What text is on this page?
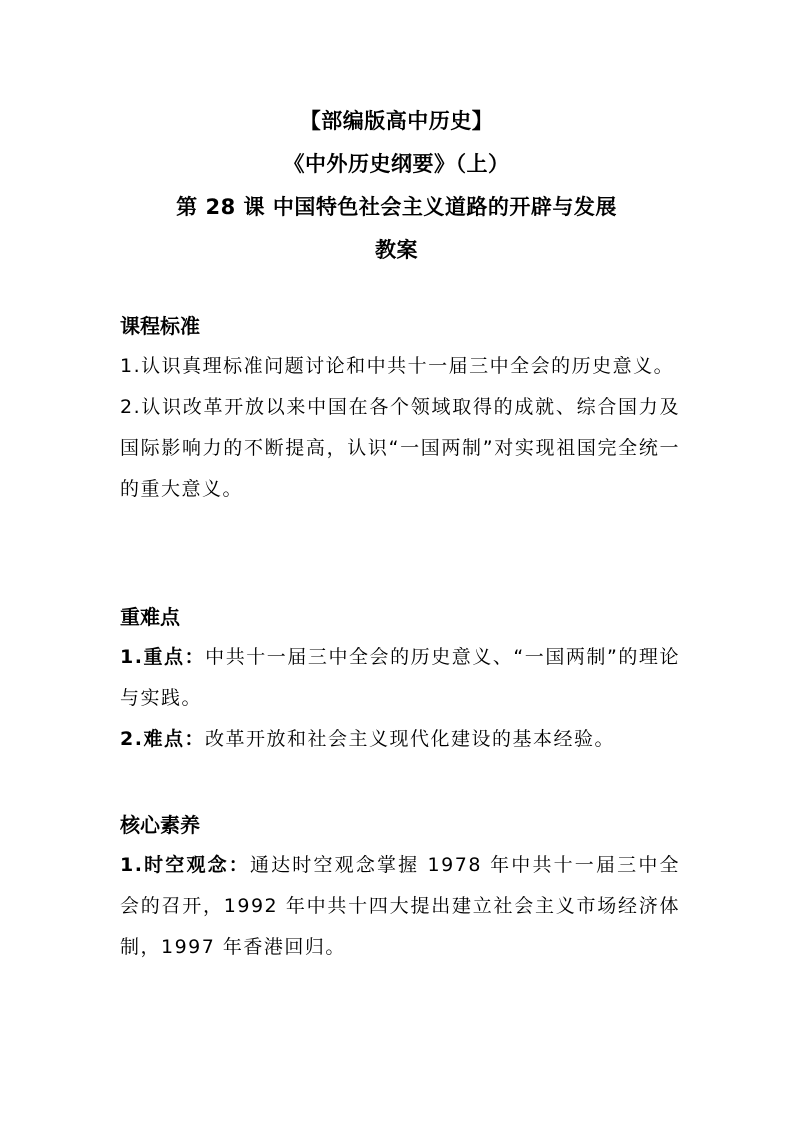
【部编版高中历史】
《中外历史纲要》（上）
第 28 课 中国特色社会主义道路的开辟与发展
教案
课程标准
1.认识真理标准问题讨论和中共十一届三中全会的历史意义。
2.认识改革开放以来中国在各个领域取得的成就、综合国力及国际影响力的不断提高，认识“一国两制”对实现祖国完全统一的重大意义。
重难点
1.重点：中共十一届三中全会的历史意义、“一国两制”的理论与实践。
2.难点：改革开放和社会主义现代化建设的基本经验。
核心素养
1.时空观念：通达时空观念掌握 1978 年中共十一届三中全会的召开，1992 年中共十四大提出建立社会主义市场经济体制，1997 年香港回归。
